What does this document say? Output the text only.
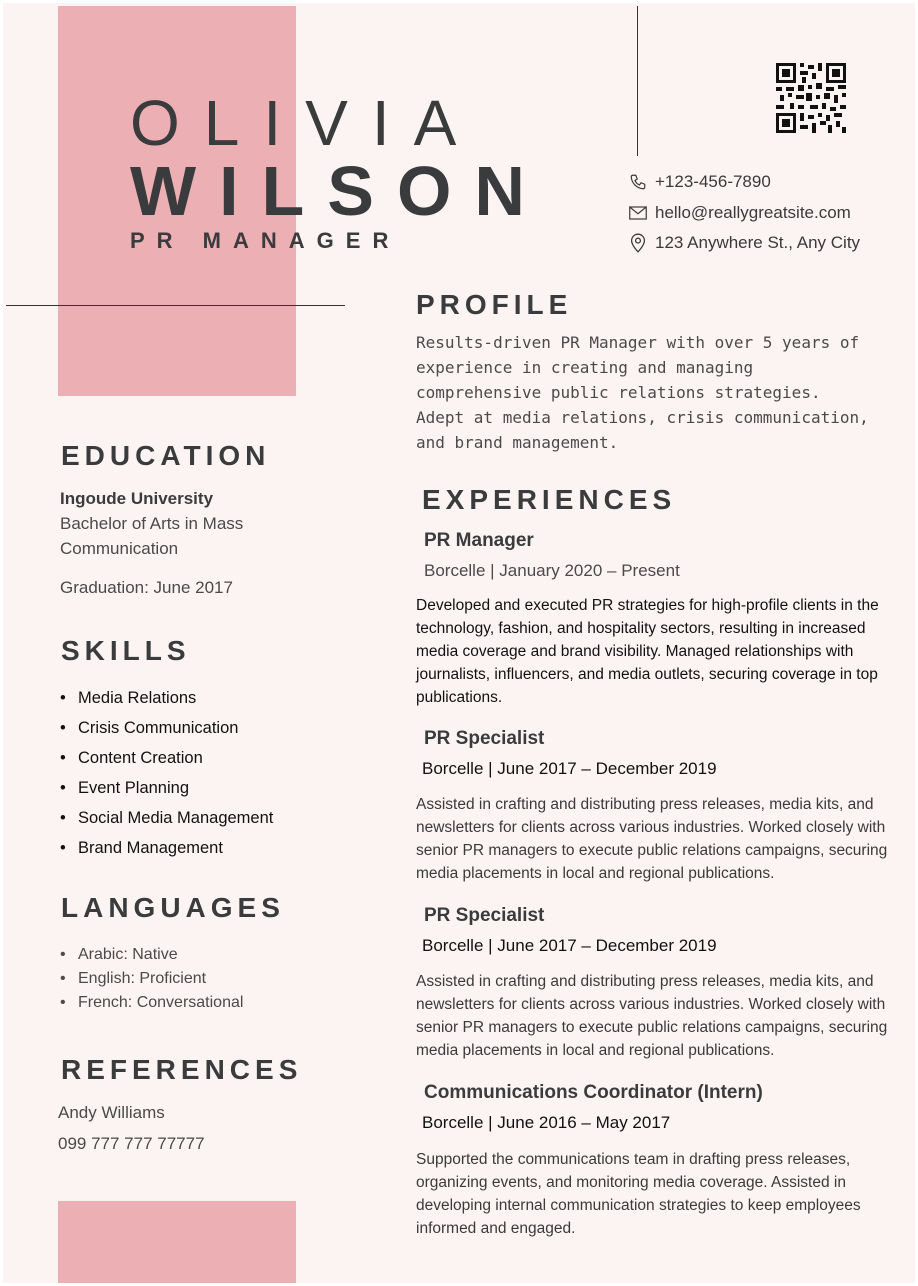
OLIVIA
WILSON
PR MANAGER
+123-456-7890
hello@reallygreatsite.com
123 Anywhere St., Any City
EDUCATION
Ingoude University
Bachelor of Arts in Mass
Communication
Graduation: June 2017
SKILLS
• Media Relations
• Crisis Communication
• Content Creation
• Event Planning
• Social Media Management
• Brand Management
LANGUAGES
• Arabic: Native
• English: Proficient
• French: Conversational
REFERENCES
Andy Williams
099 777 777 77777
PROFILE
Results-driven PR Manager with over 5 years of experience in creating and managing comprehensive public relations strategies. Adept at media relations, crisis communication, and brand management.
EXPERIENCES
PR Manager
Borcelle | January 2020 – Present
Developed and executed PR strategies for high-profile clients in the technology, fashion, and hospitality sectors, resulting in increased media coverage and brand visibility. Managed relationships with journalists, influencers, and media outlets, securing coverage in top publications.
PR Specialist
Borcelle | June 2017 – December 2019
Assisted in crafting and distributing press releases, media kits, and newsletters for clients across various industries. Worked closely with senior PR managers to execute public relations campaigns, securing media placements in local and regional publications.
PR Specialist
Borcelle | June 2017 – December 2019
Assisted in crafting and distributing press releases, media kits, and newsletters for clients across various industries. Worked closely with senior PR managers to execute public relations campaigns, securing media placements in local and regional publications.
Communications Coordinator (Intern)
Borcelle | June 2016 – May 2017
Supported the communications team in drafting press releases, organizing events, and monitoring media coverage. Assisted in developing internal communication strategies to keep employees informed and engaged.
